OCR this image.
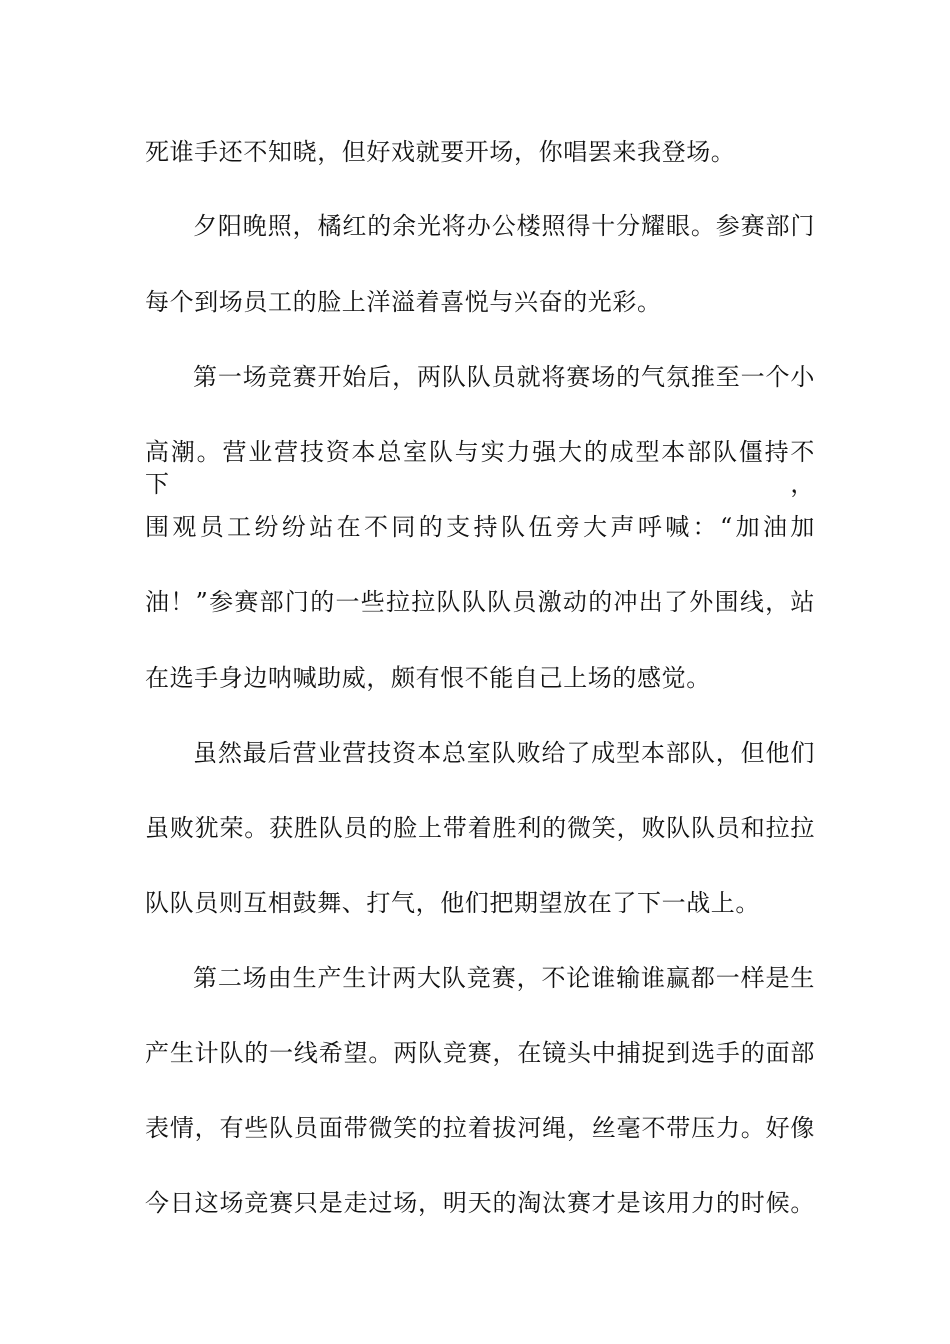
死谁手还不知晓，但好戏就要开场，你唱罢来我登场。
夕阳晚照，橘红的余光将办公楼照得十分耀眼。参赛部门
每个到场员工的脸上洋溢着喜悦与兴奋的光彩。
第一场竞赛开始后，两队队员就将赛场的气氛推至一个小
高潮。营业营技资本总室队与实力强大的成型本部队僵持不下，
围观员工纷纷站在不同的支持队伍旁大声呼喊：“加油加
油！”参赛部门的一些拉拉队队队员激动的冲出了外围线，站
在选手身边呐喊助威，颇有恨不能自己上场的感觉。
虽然最后营业营技资本总室队败给了成型本部队，但他们
虽败犹荣。获胜队员的脸上带着胜利的微笑，败队队员和拉拉
队队员则互相鼓舞、打气，他们把期望放在了下一战上。
第二场由生产生计两大队竞赛，不论谁输谁赢都一样是生
产生计队的一线希望。两队竞赛，在镜头中捕捉到选手的面部
表情，有些队员面带微笑的拉着拔河绳，丝毫不带压力。好像
今日这场竞赛只是走过场，明天的淘汰赛才是该用力的时候。
